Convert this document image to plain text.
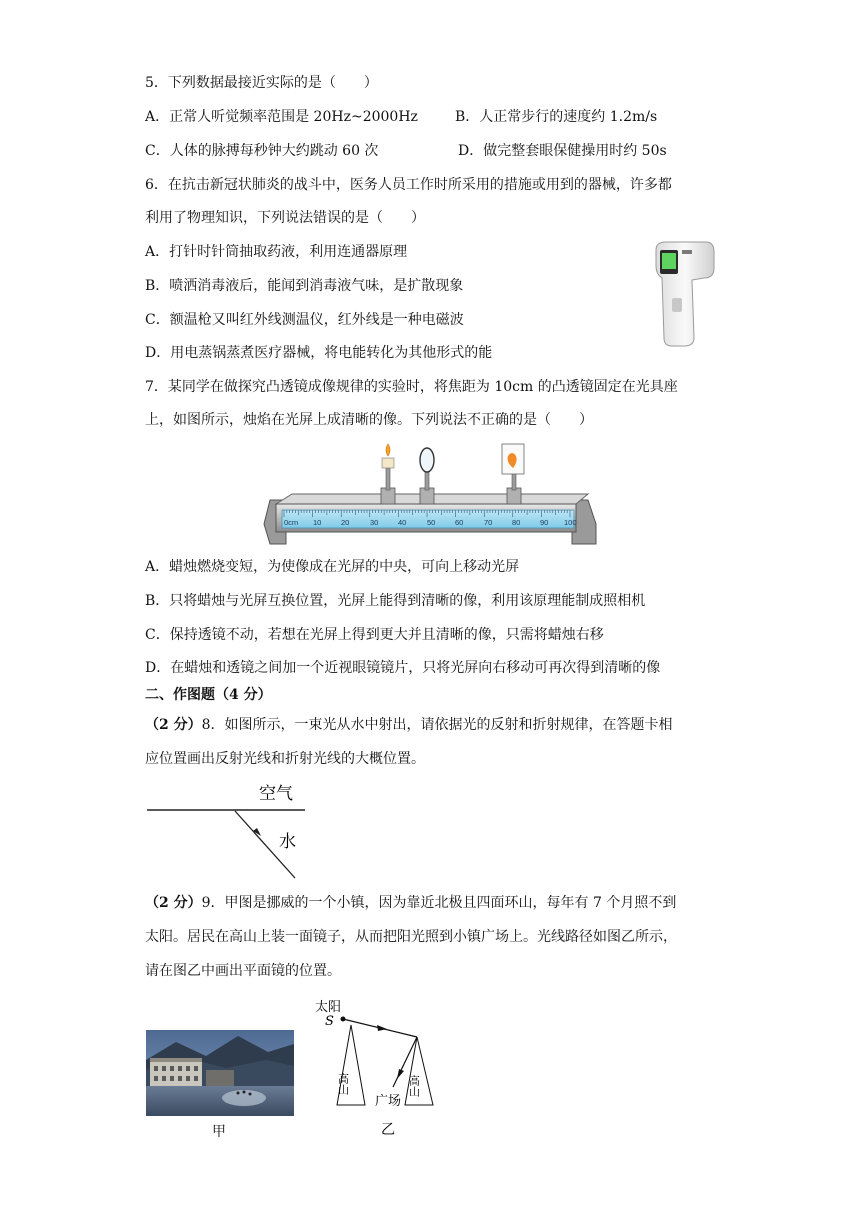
5．下列数据最接近实际的是（　　）
A．正常人听觉频率范围是 20Hz~2000Hz	B．人正常步行的速度约 1.2m/s
C．人体的脉搏每秒钟大约跳动 60 次	D．做完整套眼保健操用时约 50s
6．在抗击新冠状肺炎的战斗中，医务人员工作时所采用的措施或用到的器械，许多都
利用了物理知识，下列说法错误的是（　　）
A．打针时针筒抽取药液，利用连通器原理
B．喷洒消毒液后，能闻到消毒液气味，是扩散现象
C．额温枪又叫红外线测温仪，红外线是一种电磁波
D．用电蒸锅蒸煮医疗器械，将电能转化为其他形式的能
7．某同学在做探究凸透镜成像规律的实验时，将焦距为 10cm 的凸透镜固定在光具座
上，如图所示，烛焰在光屏上成清晰的像。下列说法不正确的是（　　）
0cm 10	20	30	40	50	60	70	80	90 100
A．蜡烛燃烧变短，为使像成在光屏的中央，可向上移动光屏
B．只将蜡烛与光屏互换位置，光屏上能得到清晰的像，利用该原理能制成照相机
C．保持透镜不动，若想在光屏上得到更大并且清晰的像，只需将蜡烛右移
D．在蜡烛和透镜之间加一个近视眼镜镜片，只将光屏向右移动可再次得到清晰的像
二、作图题（4 分）
（2 分）8．如图所示，一束光从水中射出，请依据光的反射和折射规律，在答题卡相
应位置画出反射光线和折射光线的大概位置。
空气
水
（2 分）9．甲图是挪威的一个小镇，因为靠近北极且四面环山，每年有 7 个月照不到
太阳。居民在高山上装一面镜子，从而把阳光照到小镇广场上。光线路径如图乙所示，
请在图乙中画出平面镜的位置。
甲
太阳
S
高山	高山
广场
乙
